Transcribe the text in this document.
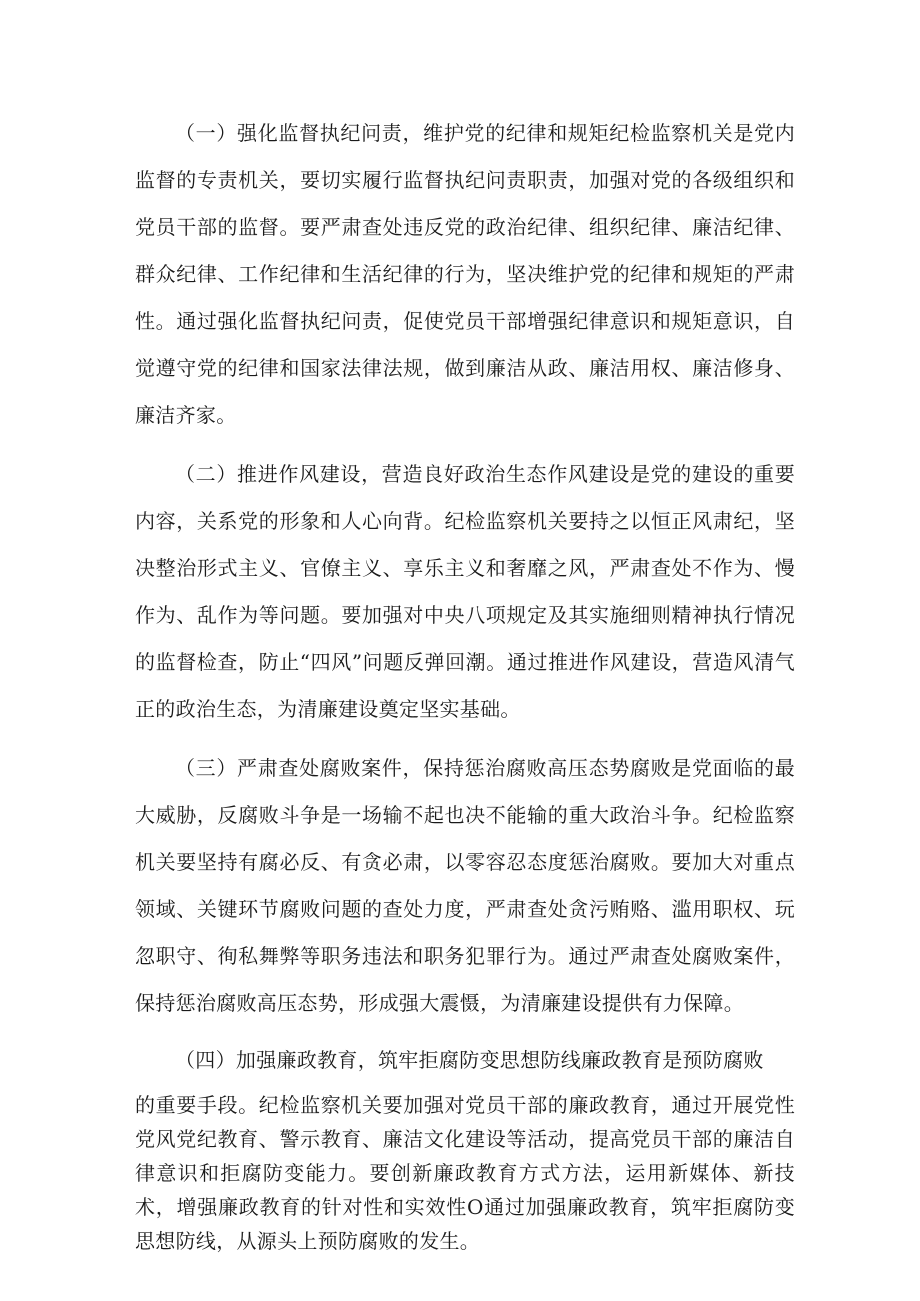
（一）强化监督执纪问责，维护党的纪律和规矩纪检监察机关是党内监督的专责机关，要切实履行监督执纪问责职责，加强对党的各级组织和党员干部的监督。要严肃查处违反党的政治纪律、组织纪律、廉洁纪律、群众纪律、工作纪律和生活纪律的行为，坚决维护党的纪律和规矩的严肃性。通过强化监督执纪问责，促使党员干部增强纪律意识和规矩意识，自觉遵守党的纪律和国家法律法规，做到廉洁从政、廉洁用权、廉洁修身、廉洁齐家。

（二）推进作风建设，营造良好政治生态作风建设是党的建设的重要内容，关系党的形象和人心向背。纪检监察机关要持之以恒正风肃纪，坚决整治形式主义、官僚主义、享乐主义和奢靡之风，严肃查处不作为、慢作为、乱作为等问题。要加强对中央八项规定及其实施细则精神执行情况的监督检查，防止“四风”问题反弹回潮。通过推进作风建设，营造风清气正的政治生态，为清廉建设奠定坚实基础。

（三）严肃查处腐败案件，保持惩治腐败高压态势腐败是党面临的最大威胁，反腐败斗争是一场输不起也决不能输的重大政治斗争。纪检监察机关要坚持有腐必反、有贪必肃，以零容忍态度惩治腐败。要加大对重点领域、关键环节腐败问题的查处力度，严肃查处贪污贿赂、滥用职权、玩忽职守、徇私舞弊等职务违法和职务犯罪行为。通过严肃查处腐败案件，保持惩治腐败高压态势，形成强大震慑，为清廉建设提供有力保障。

（四）加强廉政教育，筑牢拒腐防变思想防线廉政教育是预防腐败

的重要手段。纪检监察机关要加强对党员干部的廉政教育，通过开展党性党风党纪教育、警示教育、廉洁文化建设等活动，提高党员干部的廉洁自律意识和拒腐防变能力。要创新廉政教育方式方法，运用新媒体、新技术，增强廉政教育的针对性和实效性O通过加强廉政教育，筑牢拒腐防变思想防线，从源头上预防腐败的发生。
